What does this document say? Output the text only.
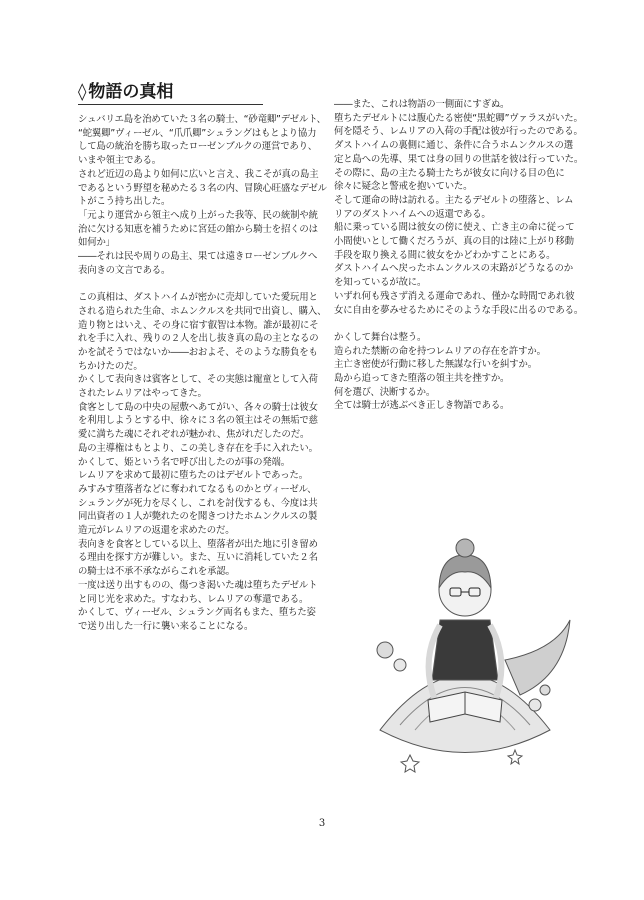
◊ 物語の真相
シュバリエ島を治めていた３名の騎士、“砂竜卿”デゼルト、
“蛇翼卿”ヴィーゼル、“爪爪卿”シュラングはもとより協力
して島の統治を勝ち取ったローゼンブルクの運営であり、
いまや領主である。
されど近辺の島より如何に広いと言え、我こそが真の島主
であるという野望を秘めたる３名の内、冒険心旺盛なデゼル
トがこう持ち出した。
「元より運営から領主へ成り上がった我等、民の統制や統
治に欠ける知恵を補うために宮廷の館から騎士を招くのは
如何か」
――それは民や周りの島主、果ては遠きローゼンブルクへ
表向きの文言である。
この真相は、ダストハイムが密かに売却していた愛玩用と
される造られた生命、ホムンクルスを共同で出資し、購入、
造り物とはいえ、その身に宿す叡智は本物。誰が最初にそ
れを手に入れ、残りの２人を出し抜き真の島の主となるの
かを試そうではないか――おおよそ、そのような勝負をも
ちかけたのだ。
かくして表向きは賓客として、その実態は寵童として入荷
されたレムリアはやってきた。
食客として島の中央の屋敷へあてがい、各々の騎士は彼女
を利用しようとする中、徐々に３名の領主はその無垢で慈
愛に満ちた魂にそれぞれが魅かれ、焦がれだしたのだ。
島の主導権はもとより、この美しき存在を手に入れたい。
かくして、姫という名で呼び出したのが事の発端。
レムリアを求めて最初に堕ちたのはデゼルトであった。
みすみす堕落者などに奪われてなるものかとヴィーゼル、
シュラングが死力を尽くし、これを討伐するも、今度は共
同出資者の１人が斃れたのを聞きつけたホムンクルスの製
造元がレムリアの返還を求めたのだ。
表向きを食客としている以上、堕落者が出た地に引き留め
る理由を探す方が難しい。また、互いに消耗していた２名
の騎士は不承不承ながらこれを承認。
一度は送り出すものの、傷つき渇いた魂は堕ちたデゼルト
と同じ光を求めた。すなわち、レムリアの奪還である。
かくして、ヴィーゼル、シュラング両名もまた、堕ちた姿
で送り出した一行に襲い来ることになる。
――また、これは物語の一側面にすぎぬ。
堕ちたデゼルトには腹心たる密使“黒蛇卿”ヴァラスがいた。
何を隠そう、レムリアの入荷の手配は彼が行ったのである。
ダストハイムの裏側に通じ、条件に合うホムンクルスの選
定と島への先導、果ては身の回りの世話を彼は行っていた。
その際に、島の主たる騎士たちが彼女に向ける目の色に
徐々に疑念と警戒を抱いていた。
そして運命の時は訪れる。主たるデゼルトの堕落と、レム
リアのダストハイムへの返還である。
船に乗っている間は彼女の傍に使え、亡き主の命に従って
小間使いとして働くだろうが、真の目的は陸に上がり移動
手段を取り換える間に彼女をかどわかすことにある。
ダストハイムへ戻ったホムンクルスの末路がどうなるのか
を知っているが故に。
いずれ何も残さず消える運命であれ、僅かな時間であれ彼
女に自由を夢みせるためにそのような手段に出るのである。
かくして舞台は整う。
造られた禁断の命を持つレムリアの存在を許すか。
主亡き密使が行動に移した無謀な行いを糾すか。
島から追ってきた堕落の領主共を挫すか。
何を選び、決断するか。
全ては騎士が逃ぶべき正しき物語である。
3
